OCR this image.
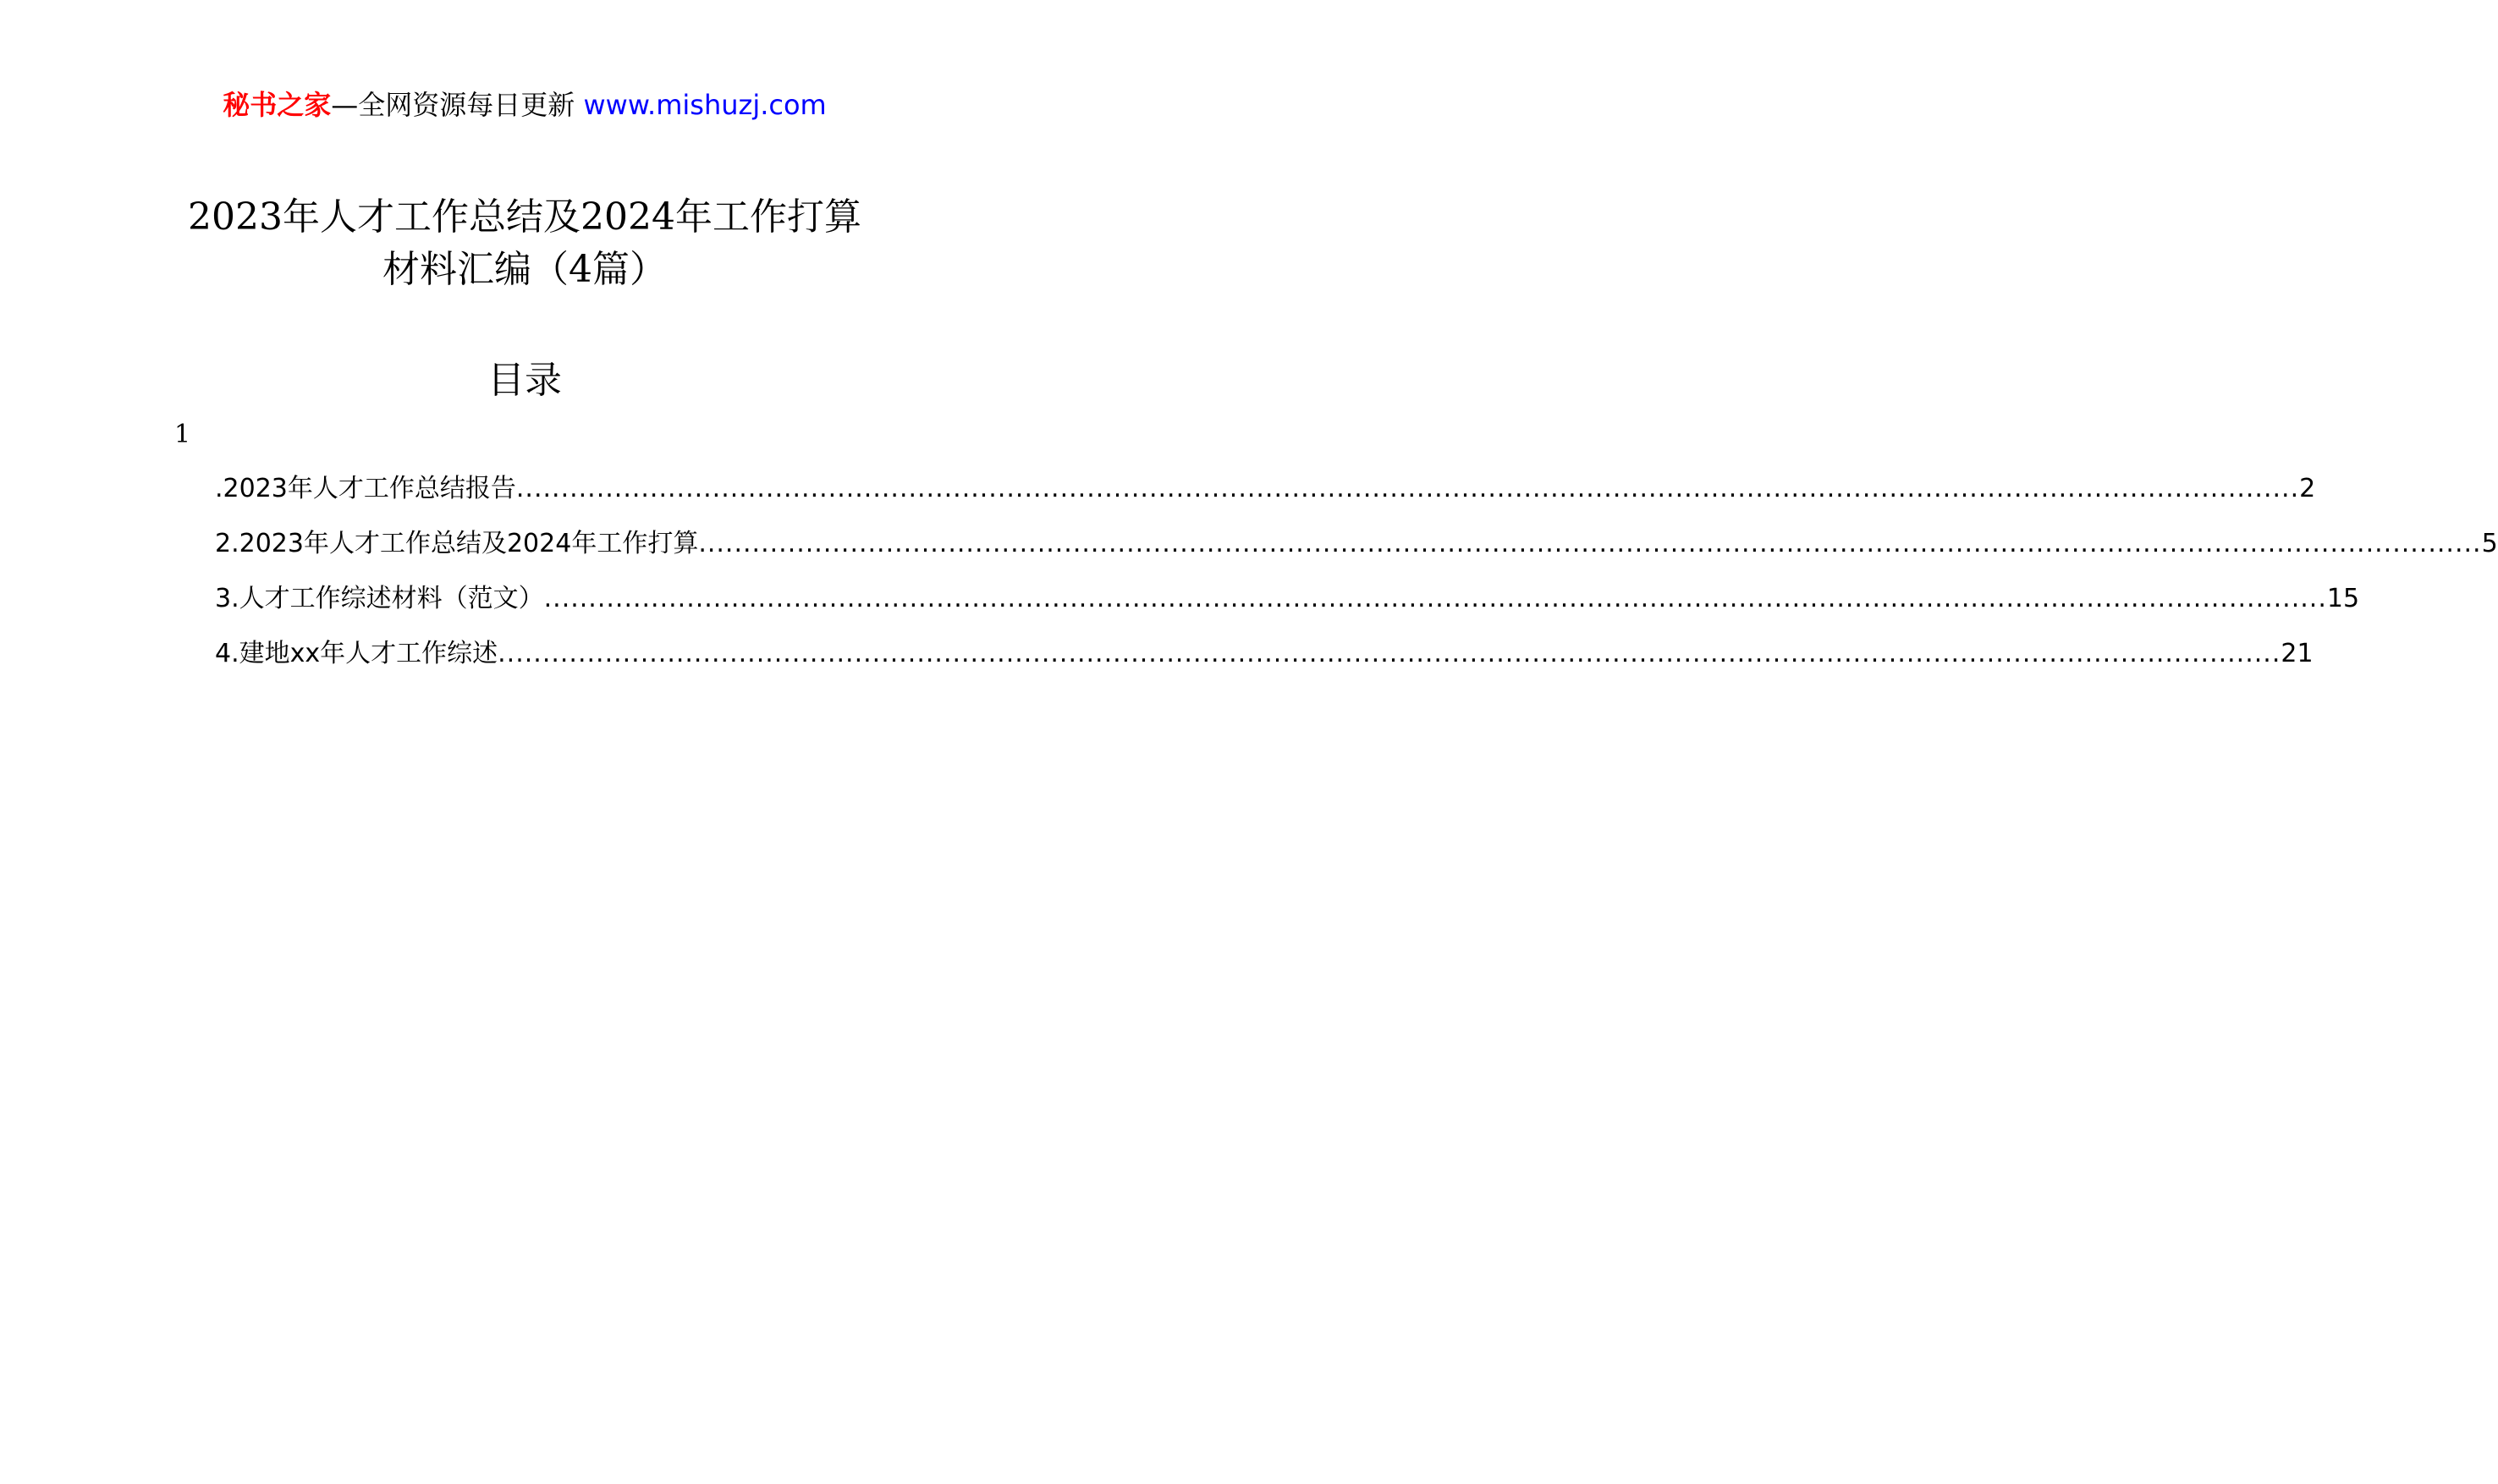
秘书之家—全网资源每日更新 www.mishuzj.com
2023年人才工作总结及2024年工作打算
材料汇编（4篇）
目录
1
.2023年人才工作总结报告 ........................................................................................................................................................................................................ 2
2.2023年人才工作总结及2024年工作打算 ........................................................................................................................................................................................................ 5
3.人才工作综述材料（范文） ........................................................................................................................................................................................................ 15
4.建地xx年人才工作综述 ........................................................................................................................................................................................................ 21
